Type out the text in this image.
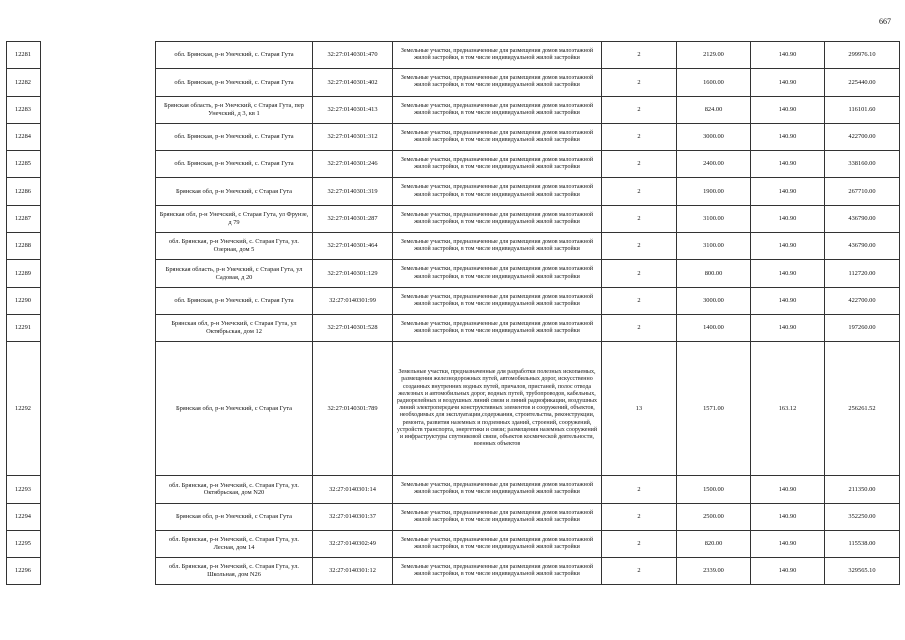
667
12281		обл. Брянская, р-н Унечский, с. Старая Гута	32:27:0140301:470	Земельные участки, предназначенные для размещения домов малоэтажной жилой застройки, в том числе индивидуальной жилой застройки	2	2129.00	140.90	299976.10
12282		обл. Брянская, р-н Унечский, с. Старая Гута	32:27:0140301:402	Земельные участки, предназначенные для размещения домов малоэтажной жилой застройки, в том числе индивидуальной жилой застройки	2	1600.00	140.90	225440.00
12283		Брянская область, р-н Унечский, с Старая Гута, пер Унечский, д 3, кв 1	32:27:0140301:413	Земельные участки, предназначенные для размещения домов малоэтажной жилой застройки, в том числе индивидуальной жилой застройки	2	824.00	140.90	116101.60
12284		обл. Брянская, р-н Унечский, с. Старая Гута	32:27:0140301:312	Земельные участки, предназначенные для размещения домов малоэтажной жилой застройки, в том числе индивидуальной жилой застройки	2	3000.00	140.90	422700.00
12285		обл. Брянская, р-н Унечский, с. Старая Гута	32:27:0140301:246	Земельные участки, предназначенные для размещения домов малоэтажной жилой застройки, в том числе индивидуальной жилой застройки	2	2400.00	140.90	338160.00
12286		Брянская обл, р-н Унечский, с Старая Гута	32:27:0140301:319	Земельные участки, предназначенные для размещения домов малоэтажной жилой застройки, в том числе индивидуальной жилой застройки	2	1900.00	140.90	267710.00
12287		Брянская обл, р-н Унечский, с Старая Гута, ул Фрунзе, д 79	32:27:0140301:287	Земельные участки, предназначенные для размещения домов малоэтажной жилой застройки, в том числе индивидуальной жилой застройки	2	3100.00	140.90	436790.00
12288		обл. Брянская, р-н Унечский, с. Старая Гута, ул. Озерная, дом 5	32:27:0140301:464	Земельные участки, предназначенные для размещения домов малоэтажной жилой застройки, в том числе индивидуальной жилой застройки	2	3100.00	140.90	436790.00
12289		Брянская область, р-н Унечский, с Старая Гута, ул Садовая, д 20	32:27:0140301:129	Земельные участки, предназначенные для размещения домов малоэтажной жилой застройки, в том числе индивидуальной жилой застройки	2	800.00	140.90	112720.00
12290		обл. Брянская, р-н Унечский, с. Старая Гута	32:27:0140301:99	Земельные участки, предназначенные для размещения домов малоэтажной жилой застройки, в том числе индивидуальной жилой застройки	2	3000.00	140.90	422700.00
12291		Брянская обл, р-н Унечский, с Старая Гута, ул Октябрьская, дом 12	32:27:0140301:528	Земельные участки, предназначенные для размещения домов малоэтажной жилой застройки, в том числе индивидуальной жилой застройки	2	1400.00	140.90	197260.00
12292		Брянская обл, р-н Унечский, с Старая Гута	32:27:0140301:789	Земельные участки, предназначенные для разработки полезных ископаемых, размещения железнодорожных путей, автомобильных дорог, искусственно созданных внутренних водных путей, причалов, пристаней, полос отвода железных и автомобильных дорог, водных путей, трубопроводов, кабельных, радиорелейных и воздушных линий связи и линий радиофикации, воздушных линий электропередачи конструктивных элементов и сооружений, объектов, необходимых для эксплуатации,содержания, строительства, реконструкции, ремонта, развития наземных и подземных зданий, строений, сооружений, устройств транспорта, энергетики и связи; размещения наземных сооружений и инфраструктуры спутниковой связи, объектов космической деятельности, военных объектов	13	1571.00	163.12	256261.52
12293		обл. Брянская, р-н Унечский, с. Старая Гута, ул. Октябрьская, дом N20	32:27:0140301:14	Земельные участки, предназначенные для размещения домов малоэтажной жилой застройки, в том числе индивидуальной жилой застройки	2	1500.00	140.90	211350.00
12294		Брянская обл, р-н Унечский, с Старая Гута	32:27:0140301:37	Земельные участки, предназначенные для размещения домов малоэтажной жилой застройки, в том числе индивидуальной жилой застройки	2	2500.00	140.90	352250.00
12295		обл. Брянская, р-н Унечский, с. Старая Гута, ул. Лесная, дом 14	32:27:0140302:49	Земельные участки, предназначенные для размещения домов малоэтажной жилой застройки, в том числе индивидуальной жилой застройки	2	820.00	140.90	115538.00
12296		обл. Брянская, р-н Унечский, с. Старая Гута, ул. Школьная, дом N26	32:27:0140301:12	Земельные участки, предназначенные для размещения домов малоэтажной жилой застройки, в том числе индивидуальной жилой застройки	2	2339.00	140.90	329565.10
